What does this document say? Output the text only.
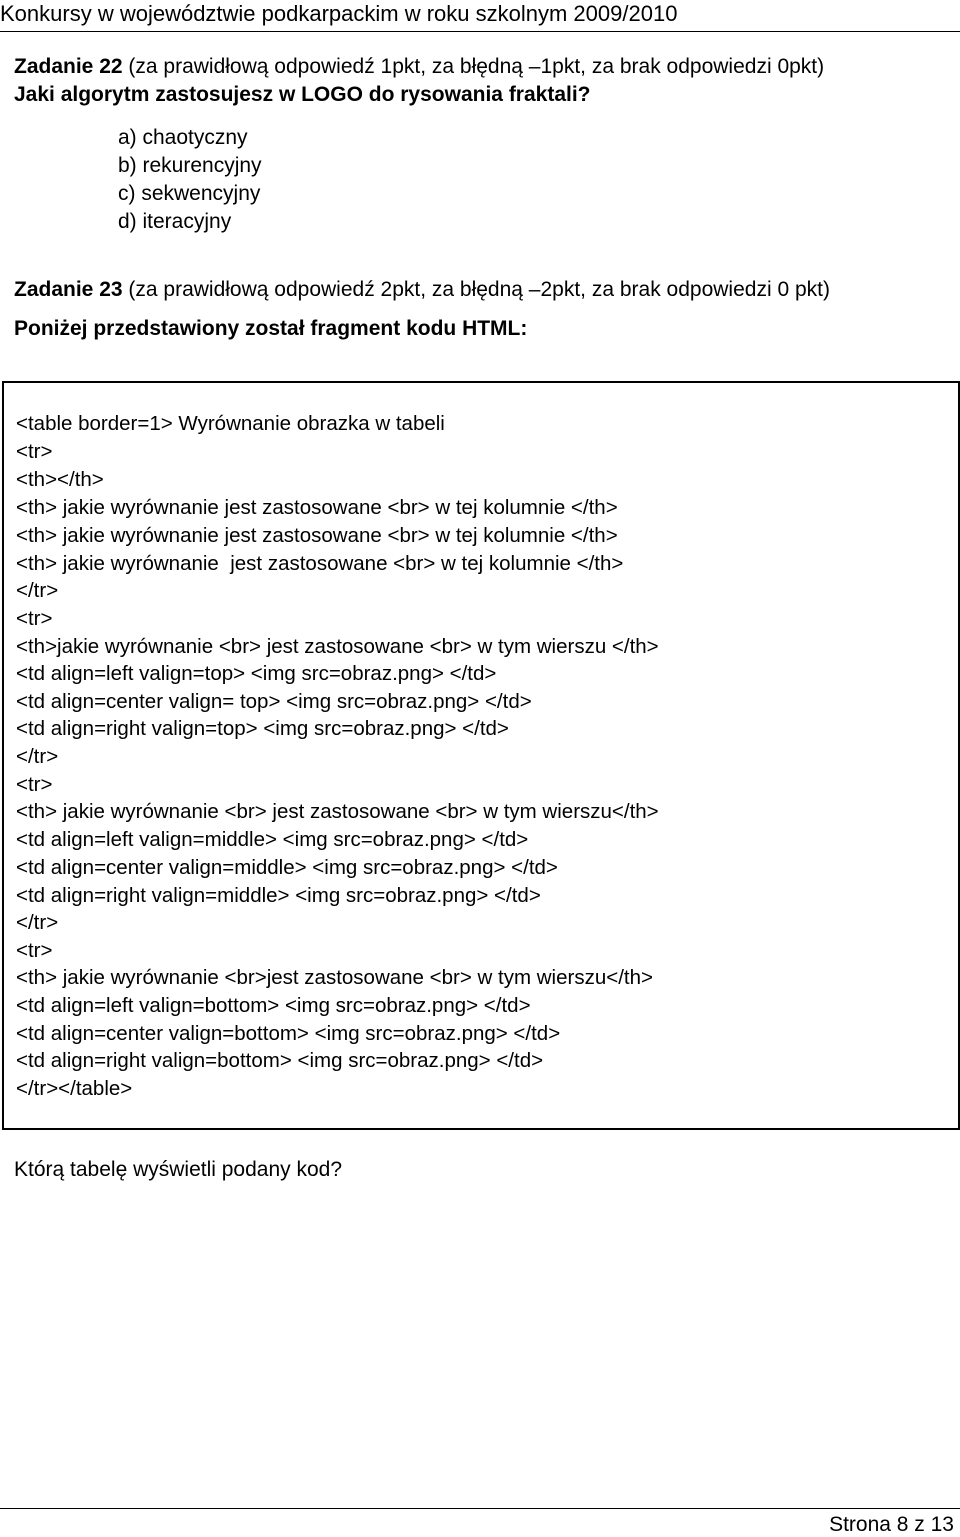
Konkursy w województwie podkarpackim w roku szkolnym 2009/2010
Zadanie 22 (za prawidłową odpowiedź 1pkt, za błędną –1pkt, za brak odpowiedzi 0pkt)
Jaki algorytm zastosujesz w LOGO do rysowania fraktali?
a) chaotyczny
b) rekurencyjny
c) sekwencyjny
d) iteracyjny
Zadanie 23 (za prawidłową odpowiedź 2pkt, za błędną –2pkt, za brak odpowiedzi 0 pkt)
Poniżej przedstawiony został fragment kodu HTML:
<table border=1> Wyrównanie obrazka w tabeli
<tr>
<th></th>
<th> jakie wyrównanie jest zastosowane <br> w tej kolumnie </th>
<th> jakie wyrównanie jest zastosowane <br> w tej kolumnie </th>
<th> jakie wyrównanie  jest zastosowane <br> w tej kolumnie </th>
</tr>
<tr>
<th>jakie wyrównanie <br> jest zastosowane <br> w tym wierszu </th>
<td align=left valign=top> <img src=obraz.png> </td>
<td align=center valign= top> <img src=obraz.png> </td>
<td align=right valign=top> <img src=obraz.png> </td>
</tr>
<tr>
<th> jakie wyrównanie <br> jest zastosowane <br> w tym wierszu</th>
<td align=left valign=middle> <img src=obraz.png> </td>
<td align=center valign=middle> <img src=obraz.png> </td>
<td align=right valign=middle> <img src=obraz.png> </td>
</tr>
<tr>
<th> jakie wyrównanie <br>jest zastosowane <br> w tym wierszu</th>
<td align=left valign=bottom> <img src=obraz.png> </td>
<td align=center valign=bottom> <img src=obraz.png> </td>
<td align=right valign=bottom> <img src=obraz.png> </td>
</tr></table>
Którą tabelę wyświetli podany kod?
Strona 8 z 13
